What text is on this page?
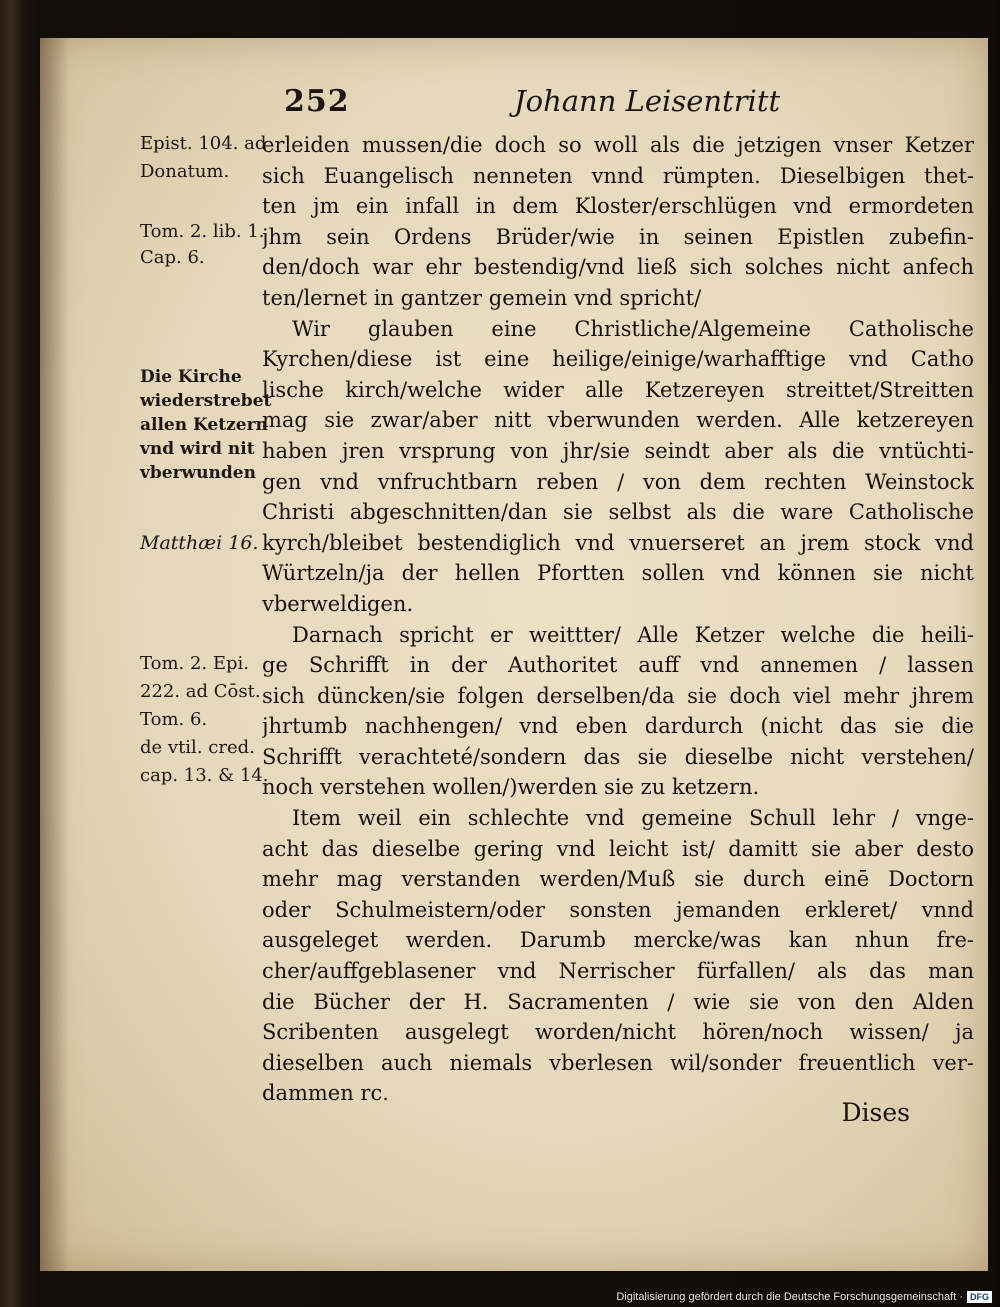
252	Johann Leisentritt
Epist. 104. ad
Donatum.
Tom. 2. lib. 1.
Cap. 6.
Die Kirche
wiederstrebet
allen Ketzern
vnd wird nit
vberwunden
Matthæi 16.
Tom. 2. Epi.
222. ad Cōst.
Tom. 6.
de vtil. cred.
cap. 13. & 14.
erleiden mussen/die doch so woll als die jetzigen vnser Ketzer
sich Euangelisch nenneten vnnd rümpten. Dieselbigen thet-
ten jm ein infall in dem Kloster/erschlügen vnd ermordeten
jhm sein Ordens Brüder/wie in seinen Epistlen zubefin-
den/doch war ehr bestendig/vnd ließ sich solches nicht anfech
ten/lernet in gantzer gemein vnd spricht/
Wir glauben eine Christliche/Algemeine Catholische
Kyrchen/diese ist eine heilige/einige/warhafftige vnd Catho
lische kirch/welche wider alle Ketzereyen streittet/Streitten
mag sie zwar/aber nitt vberwunden werden. Alle ketzereyen
haben jren vrsprung von jhr/sie seindt aber als die vntüchti-
gen vnd vnfruchtbarn reben / von dem rechten Weinstock
Christi abgeschnitten/dan sie selbst als die ware Catholische
kyrch/bleibet bestendiglich vnd vnuerseret an jrem stock vnd
Würtzeln/ja der hellen Pfortten sollen vnd können sie nicht
vberweldigen.
Darnach spricht er weittter/ Alle Ketzer welche die heili-
ge Schrifft in der Authoritet auff vnd annemen / lassen
sich düncken/sie folgen derselben/da sie doch viel mehr jhrem
jhrtumb nachhengen/ vnd eben dardurch (nicht das sie die
Schrifft verachteté/sondern das sie dieselbe nicht verstehen/
noch verstehen wollen/)werden sie zu ketzern.
Item weil ein schlechte vnd gemeine Schull lehr / vnge-
acht das dieselbe gering vnd leicht ist/ damitt sie aber desto
mehr mag verstanden werden/Muß sie durch einē Doctorn
oder Schulmeistern/oder sonsten jemanden erkleret/ vnnd
ausgeleget werden. Darumb mercke/was kan nhun fre-
cher/auffgeblasener vnd Nerrischer fürfallen/ als das man
die Bücher der H. Sacramenten / wie sie von den Alden
Scribenten ausgelegt worden/nicht hören/noch wissen/ ja
dieselben auch niemals vberlesen wil/sonder freuentlich ver-
dammen rc.
Dises
Digitalisierung gefördert durch die Deutsche Forschungsgemeinschaft · DFG
